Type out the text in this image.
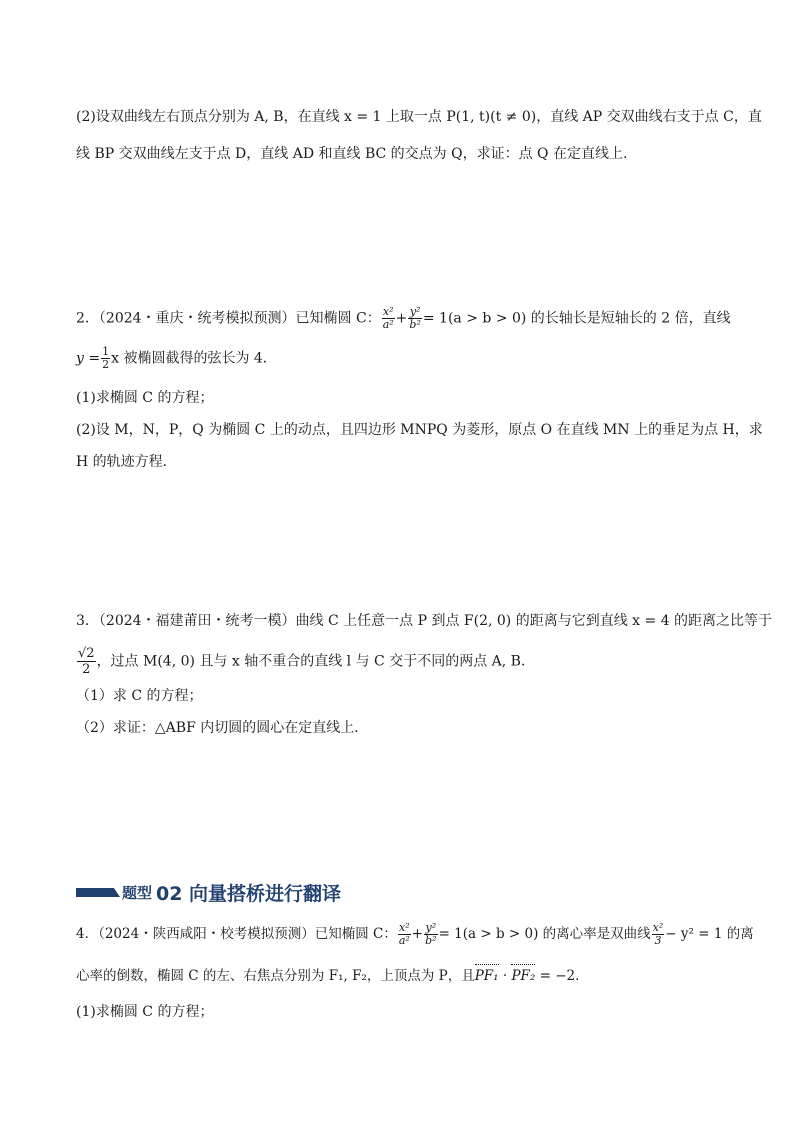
(2)设双曲线左右顶点分别为 A, B，在直线 x = 1 上取一点 P(1, t)(t ≠ 0)，直线 AP 交双曲线右支于点 C，直
线 BP 交双曲线左支于点 D，直线 AD 和直线 BC 的交点为 Q，求证：点 Q 在定直线上.
2．（2024・重庆・统考模拟预测）已知椭圆 C： $\frac{\text{x²}}{\text{a²}} + \frac{\text{y²}}{\text{b²}} = 1(a > b > 0)$ 的长轴长是短轴长的 2 倍，直线
$y = \frac{1}{2}$ x 被椭圆截得的弦长为 4．
(1)求椭圆 C 的方程；
(2)设 M，N，P，Q 为椭圆 C 上的动点，且四边形 MNPQ 为菱形，原点 O 在直线 MN 上的垂足为点 H，求
H 的轨迹方程．
3．（2024・福建莆田・统考一模）曲线 C 上任意一点 P 到点 F(2, 0) 的距离与它到直线 x = 4 的距离之比等于
$\frac{√2}{2}$ ，过点 M(4, 0) 且与 x 轴不重合的直线 l 与 C 交于不同的两点 A, B．
（1）求 C 的方程；
（2）求证：△ABF 内切圆的圆心在定直线上．
题型 02 向量搭桥进行翻译
4．（2024・陕西咸阳・校考模拟预测）已知椭圆 C： $\frac{\text{x²}}{\text{a²}} + \frac{\text{y²}}{\text{b²}} = 1(a > b > 0)$ 的离心率是双曲线 $\frac{\text{x²}}{3} - y^2 = 1$ 的离
心率的倒数，椭圆 C 的左、右焦点分别为 F₁, F₂，上顶点为 P，且PF₁ · PF₂ = −2．
(1)求椭圆 C 的方程；
